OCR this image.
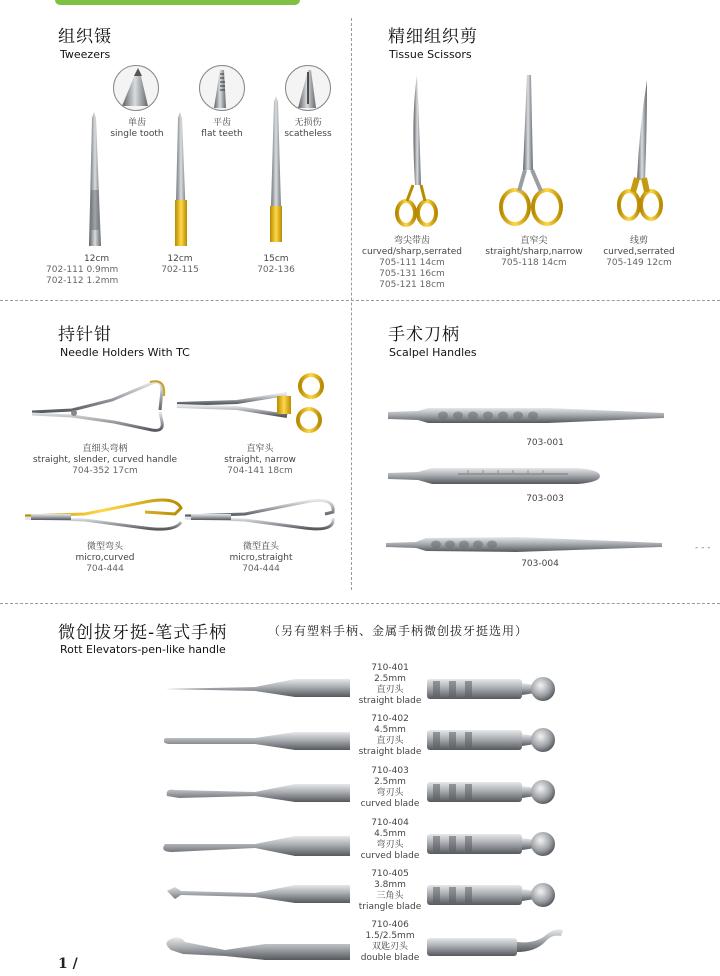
- - -
组织镊
Tweezers
单齿
single tooth
平齿
flat teeth
无损伤
scatheless
12cm
702-111 0.9mm
702-112 1.2mm
12cm
702-115
15cm
702-136
精细组织剪
Tissue Scissors
弯尖带齿
curved/sharp,serrated
705-111 14cm
705-131 16cm
705-121 18cm
直窄尖
straight/sharp,narrow
705-118 14cm
线剪
curved,serrated
705-149 12cm
持针钳
Needle Holders With TC
直细头弯柄
straight, slender, curved handle
704-352 17cm
直窄头
straight, narrow
704-141 18cm
微型弯头
micro,curved
704-444
微型直头
micro,straight
704-444
手术刀柄
Scalpel Handles
703-001
703-003
703-004
微创拔牙挺-笔式手柄	（另有塑料手柄、金属手柄微创拔牙挺选用）
Rott Elevators-pen-like handle
710-401
2.5mm
直刃头
straight blade
710-402
4.5mm
直刃头
straight blade
710-403
2.5mm
弯刃头
curved blade
710-404
4.5mm
弯刃头
curved blade
710-405
3.8mm
三角头
triangle blade
710-406
1.5/2.5mm
双匙刃头
double blade
1 /
